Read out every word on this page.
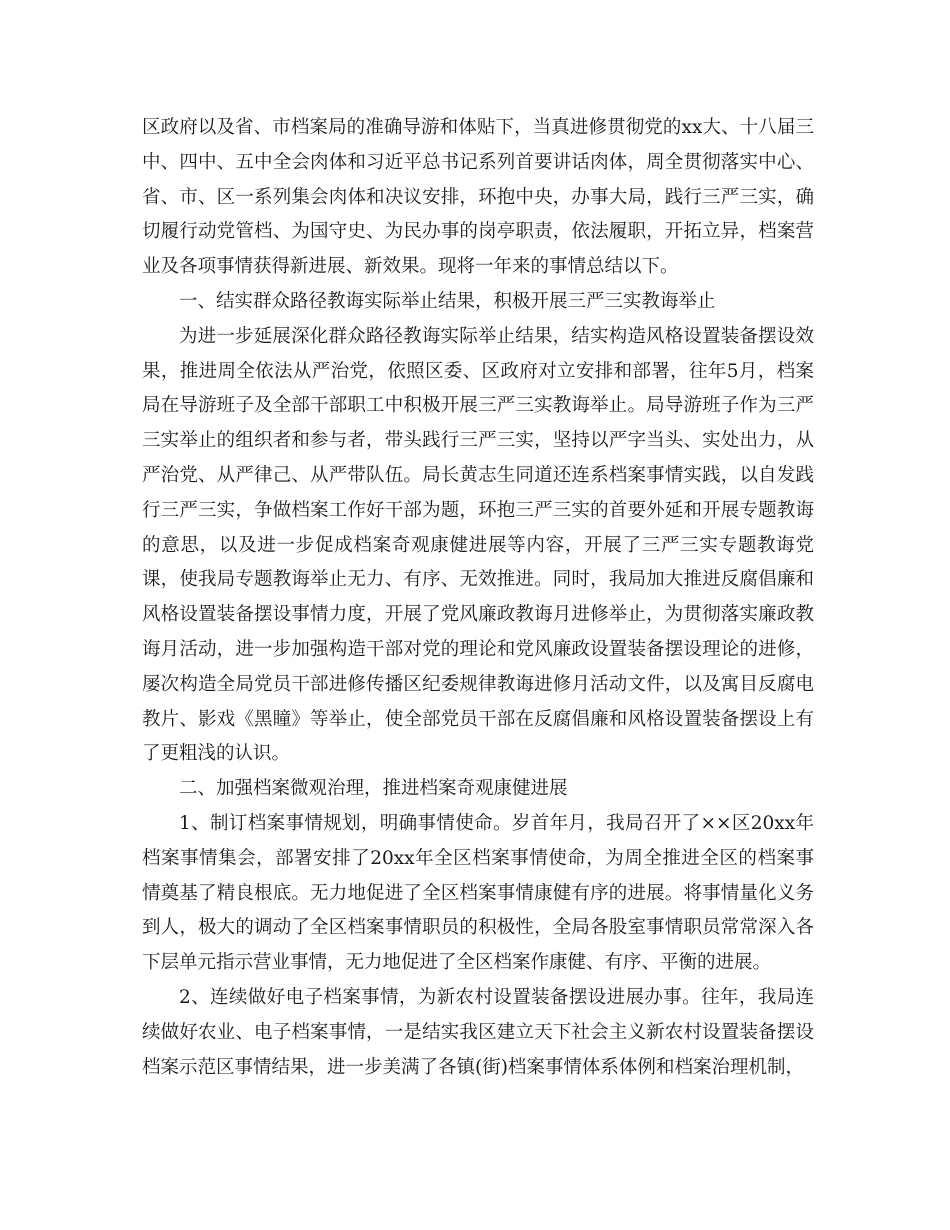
区政府以及省、市档案局的准确导游和体贴下，当真进修贯彻党的xx大、十八届三中、四中、五中全会肉体和习近平总书记系列首要讲话肉体，周全贯彻落实中心、省、市、区一系列集会肉体和决议安排，环抱中央，办事大局，践行三严三实，确切履行动党管档、为国守史、为民办事的岗亭职责，依法履职，开拓立异，档案营业及各项事情获得新进展、新效果。现将一年来的事情总结以下。

一、结实群众路径教诲实际举止结果，积极开展三严三实教诲举止

为进一步延展深化群众路径教诲实际举止结果，结实构造风格设置装备摆设效果，推进周全依法从严治党，依照区委、区政府对立安排和部署，往年5月，档案局在导游班子及全部干部职工中积极开展三严三实教诲举止。局导游班子作为三严三实举止的组织者和参与者，带头践行三严三实，坚持以严字当头、实处出力，从严治党、从严律己、从严带队伍。局长黄志生同道还连系档案事情实践，以自发践行三严三实，争做档案工作好干部为题，环抱三严三实的首要外延和开展专题教诲的意思，以及进一步促成档案奇观康健进展等内容，开展了三严三实专题教诲党课，使我局专题教诲举止无力、有序、无效推进。同时，我局加大推进反腐倡廉和风格设置装备摆设事情力度，开展了党风廉政教诲月进修举止，为贯彻落实廉政教诲月活动，进一步加强构造干部对党的理论和党风廉政设置装备摆设理论的进修，屡次构造全局党员干部进修传播区纪委规律教诲进修月活动文件，以及寓目反腐电教片、影戏《黑瞳》等举止，使全部党员干部在反腐倡廉和风格设置装备摆设上有了更粗浅的认识。

二、加强档案微观治理，推进档案奇观康健进展

1、制订档案事情规划，明确事情使命。岁首年月，我局召开了××区20xx年档案事情集会，部署安排了20xx年全区档案事情使命，为周全推进全区的档案事情奠基了精良根底。无力地促进了全区档案事情康健有序的进展。将事情量化义务到人，极大的调动了全区档案事情职员的积极性，全局各股室事情职员常常深入各下层单元指示营业事情，无力地促进了全区档案作康健、有序、平衡的进展。

2、连续做好电子档案事情，为新农村设置装备摆设进展办事。往年，我局连续做好农业、电子档案事情，一是结实我区建立天下社会主义新农村设置装备摆设档案示范区事情结果，进一步美满了各镇(街)档案事情体系体例和档案治理机制，
